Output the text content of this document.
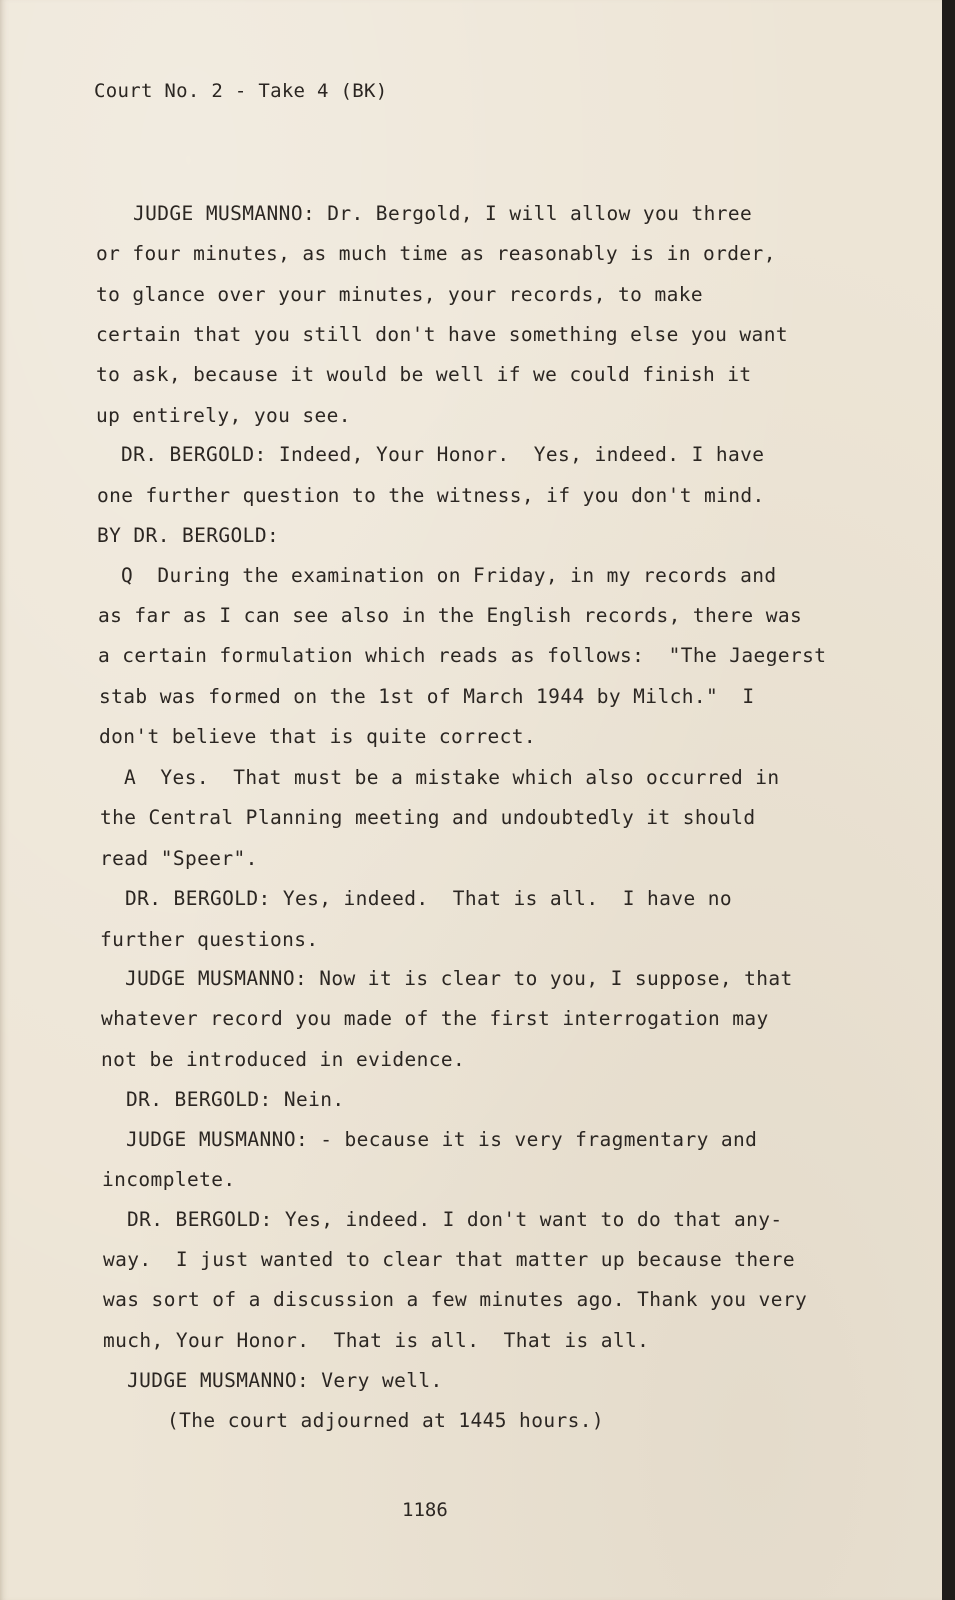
Court No. 2 - Take 4 (BK)
JUDGE MUSMANNO: Dr. Bergold, I will allow you three
or four minutes, as much time as reasonably is in order,
to glance over your minutes, your records, to make
certain that you still don't have something else you want
to ask, because it would be well if we could finish it
up entirely, you see.
DR. BERGOLD: Indeed, Your Honor.  Yes, indeed. I have
one further question to the witness, if you don't mind.
BY DR. BERGOLD:
Q  During the examination on Friday, in my records and
as far as I can see also in the English records, there was
a certain formulation which reads as follows:  "The Jaegerst
stab was formed on the 1st of March 1944 by Milch."  I
don't believe that is quite correct.
A  Yes.  That must be a mistake which also occurred in
the Central Planning meeting and undoubtedly it should
read "Speer".
DR. BERGOLD: Yes, indeed.  That is all.  I have no
further questions.
JUDGE MUSMANNO: Now it is clear to you, I suppose, that
whatever record you made of the first interrogation may
not be introduced in evidence.
DR. BERGOLD: Nein.
JUDGE MUSMANNO: - because it is very fragmentary and
incomplete.
DR. BERGOLD: Yes, indeed. I don't want to do that any-
way.  I just wanted to clear that matter up because there
was sort of a discussion a few minutes ago. Thank you very
much, Your Honor.  That is all.  That is all.
JUDGE MUSMANNO: Very well.
(The court adjourned at 1445 hours.)
1186
